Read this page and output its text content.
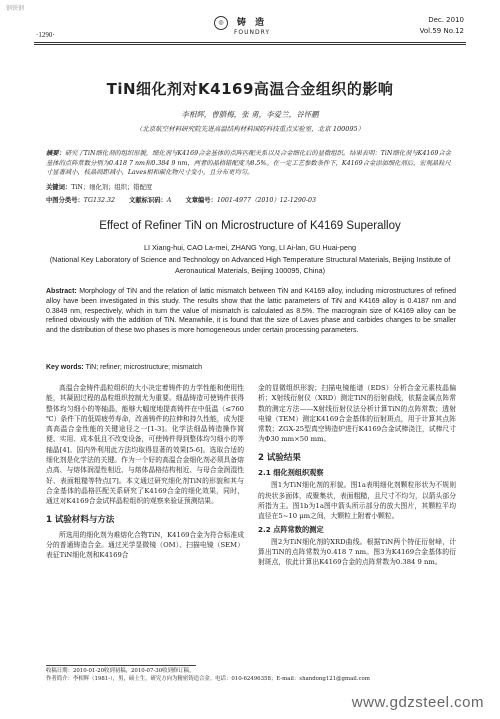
钢铁钢
·1290·
◎	铸 造
FOUNDRY
Dec. 2010
Vol.59 No.12
TiN细化剂对K4169高温合金组织的影响
李相辉，曹腊梅，张 勇，李爱兰，谷怀鹏
（北京航空材料研究院先进高温结构材料国防科技重点实验室，北京 100095）
摘要：研究了TiN细化剂的组织形貌，细化剂与K4169合金基体的点阵匹配关系以及合金细化后的显微组织。结果表明：TiN细化剂与K4169合金基体的点阵常数分别为0.418 7 nm和0.384 9 nm，两者的晶格错配度为8.5%。在一定工艺参数条件下，K4169合金添加细化剂后，宏观晶粒尺寸显著减小，枝晶间距减小，Laves相和碳化物尺寸变小，且分布更均匀。
关键词：TiN；细化剂；组织；错配度
中图分类号：TG132.32 文献标识码：A 文章编号：1001-4977（2010）12-1290-03
Effect of Refiner TiN on Microstructure of K4169 Superalloy
LI Xiang-hui, CAO La-mei, ZHANG Yong, LI Ai-lan, GU Huai-peng
(National Key Laboratory of Science and Technology on Advanced High Temperature Structural Materials, Beijing Institute of Aeronautical Materials, Beijing 100095, China)
Abstract: Morphology of TiN and the relation of lattic mismatch between TiN and K4169 alloy, including microstructures of refined alloy have been investigated in this study. The results show that the lattic parameters of TiN and K4169 alloy is 0.4187 nm and 0.3849 nm, respectively, which in turn the value of mismatch is calculated as 8.5%. The macrograin size of K4169 alloy can be refined obviously with the addition of TiN. Meanwhile, it is found that the size of Laves phase and carbides changes to be smaller and the distribution of these two phases is more homogeneous under certain processing parameters.
Key words: TiN; refiner; microstructure; mismatch

高温合金铸件晶粒组织的大小决定着铸件的力学性能和使用性能，其凝固过程的晶粒组织控制尤为重要。细晶铸造可使铸件获得整体均匀细小的等轴晶，能够大幅度地提高铸件在中低温（≤760 ℃）条件下的低周疲劳寿命，改善铸件的拉伸和持久性能，成为提高高温合金性能的关键途径之一[1-3]。化学法细晶铸造操作简便、实用、成本低且不改变设备，可使铸件得到整体均匀细小的等轴晶[4]。国内外利用此方法均取得显著的效果[5-6]。选取合适的细化剂是化学法的关键。作为一个好的高温合金细化剂必须具备熔点高、与熔体润湿性相近、与熔体晶格结构相近、与母合金润湿性好、表面粗糙等特点[7]。本文通过研究细化剂TiN的形貌和其与合金基体的晶格匹配关系研究了K4169合金的细化效果，同时，通过对K4169合金试样晶粒组织的观察来验证预测结果。

1 试验材料与方法

所选用的细化剂为难熔化合物TiN，K4169合金为符合标准成分的普通铸造合金。通过光学显微镜（OM）、扫描电镜（SEM）表征TiN细化剂和K4169合

金的显微组织形貌；扫描电镜能谱（EDS）分析合金元素枝晶偏析；X射线衍射仪（XRD）测定TiN的衍射曲线，依据金属点阵常数的测定方法——X射线衍射仪法分析计算TiN的点阵常数；透射电镜（TEM）测定K4169合金基体的衍射斑点，用于计算其点阵常数；ZGX-25型真空铸造炉进行K4169合金试棒浇注，试棒尺寸为Φ30 mm×50 mm。

2 试验结果
2.1 细化剂组织观察

图1为TiN细化剂的形貌。图1a表明细化剂颗粒形状为不规则的块状多面体，成聚集状，表面粗糙，且尺寸不均匀，以箭头部分所指为主。图1b为1a图中箭头所示部分的放大图片，其颗粒平均直径在5~10 μm之间，大颗粒上附着小颗粒。

2.2 点阵常数的测定

图2为TiN细化剂的XRD曲线。根据TiN两个特征衍射峰，计算出TiN的点阵常数为0.418 7 nm。图3为K4169合金基体的衍射斑点，依此计算出K4169合金的点阵常数为0.384 9 nm。

收稿日期：2010-01-20收到初稿，2010-07-30收到修订稿。
作者简介：李相辉（1981-），男，硕士生，研究方向为精密铸造合金。电话：010-62496358；E-mail：shandong121@gmail.com
www.gdzsteel.com
